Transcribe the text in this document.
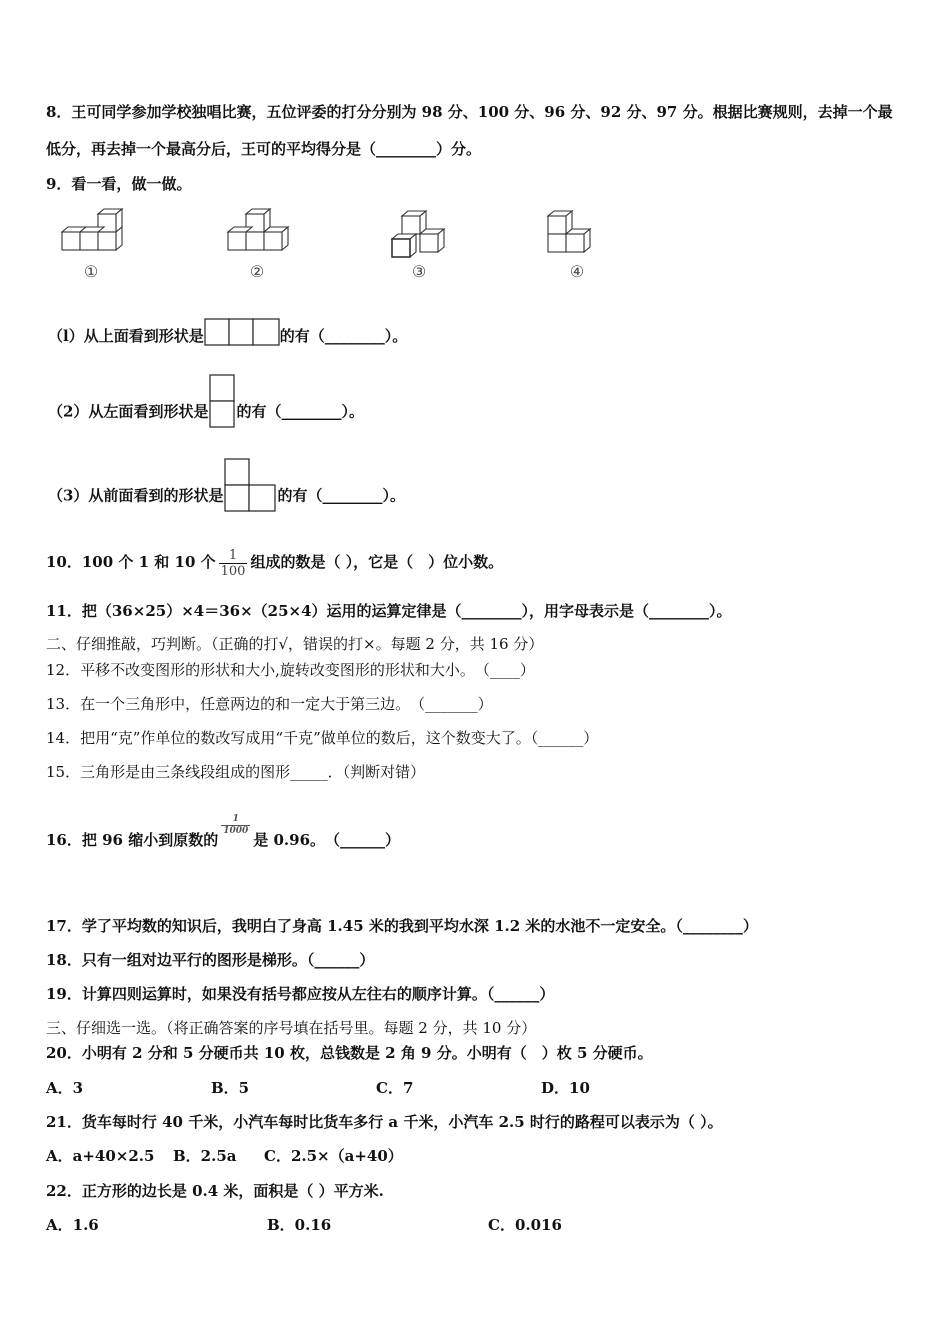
8．王可同学参加学校独唱比赛，五位评委的打分分别为 98 分、100 分、96 分、92 分、97 分。根据比赛规则，去掉一个最
低分，再去掉一个最高分后，王可的平均得分是（________）分。
9．看一看，做一做。
①	②	③	④
（l）从上面看到形状是	的有（________）。
（2）从左面看到形状是 的有（________）。
（3）从前面看到的形状是	的有（________）。
10．100 个 1 和 10 个 $\frac{1}{100}$ 组成的数是（ ），它是（　）位小数。
11．把（36×25）×4＝36×（25×4）运用的运算定律是（________），用字母表示是（________）。
二、仔细推敲，巧判断。（正确的打√，错误的打×。每题 2 分，共 16 分）
12．平移不改变图形的形状和大小,旋转改变图形的形状和大小。　（____）
13．在一个三角形中，任意两边的和一定大于第三边。　（_______）
14．把用“克”作单位的数改写成用“千克”做单位的数后，这个数变大了。（______）
15．三角形是由三条线段组成的图形_____．（判断对错）
16．把 96 缩小到原数的
$\frac{1}{1000}$
是 0.96。　（______）
17．学了平均数的知识后，我明白了身高 1.45 米的我到平均水深 1.2 米的水池不一定安全。（________）
18．只有一组对边平行的图形是梯形。（______）
19．计算四则运算时，如果没有括号都应按从左往右的顺序计算。（______）
三、仔细选一选。（将正确答案的序号填在括号里。每题 2 分，共 10 分）
20．小明有 2 分和 5 分硬币共 10 枚，总钱数是 2 角 9 分。小明有（　）枚 5 分硬币。
A．3	B．5	C．7	D．10
21．货车每时行 40 千米，小汽车每时比货车多行 a 千米，小汽车 2.5 时行的路程可以表示为（ ）。
A．a+40×2.5 B．2.5a C．2.5×（a+40）
22．正方形的边长是 0.4 米，面积是（ ）平方米.
A．1.6	B．0.16	C．0.016
